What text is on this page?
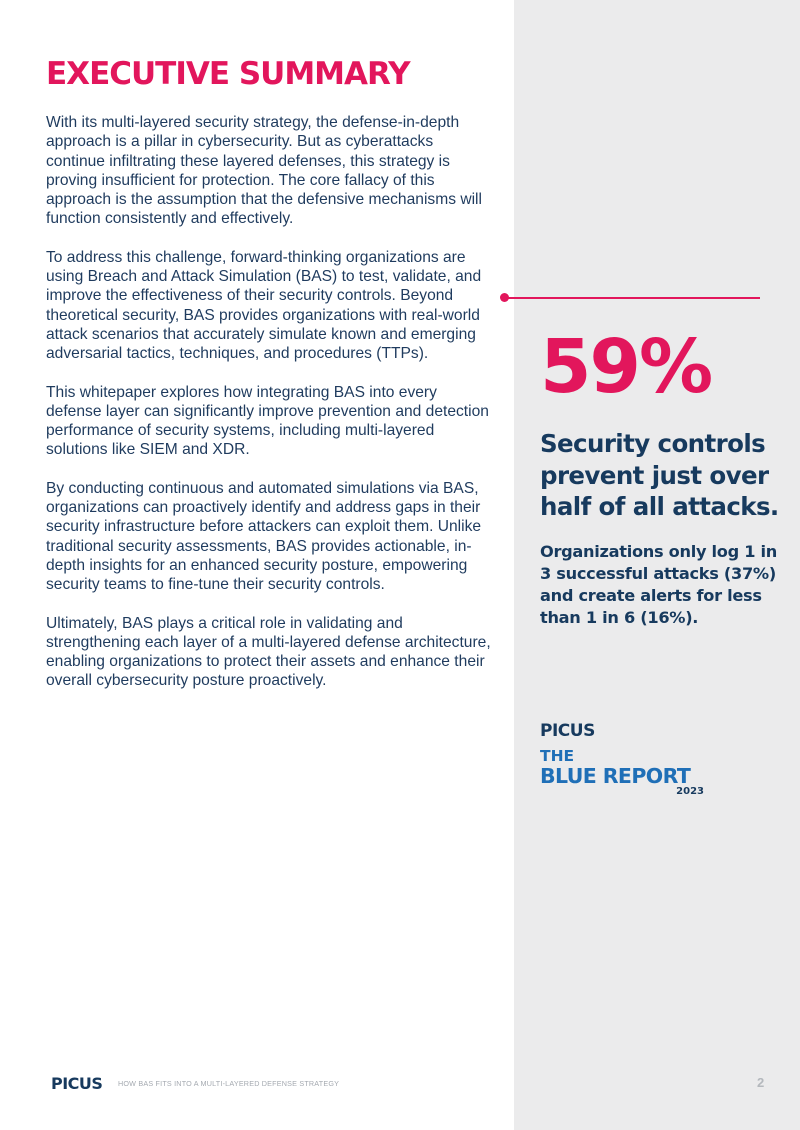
EXECUTIVE SUMMARY

With its multi-layered security strategy, the defense-in-depth approach is a pillar in cybersecurity. But as cyberattacks continue infiltrating these layered defenses, this strategy is proving insufficient for protection. The core fallacy of this approach is the assumption that the defensive mechanisms will function consistently and effectively.

To address this challenge, forward-thinking organizations are using Breach and Attack Simulation (BAS) to test, validate, and improve the effectiveness of their security controls. Beyond theoretical security, BAS provides organizations with real-world attack scenarios that accurately simulate known and emerging adversarial tactics, techniques, and procedures (TTPs).

This whitepaper explores how integrating BAS into every defense layer can significantly improve prevention and detection performance of security systems, including multi-layered solutions like SIEM and XDR.

By conducting continuous and automated simulations via BAS, organizations can proactively identify and address gaps in their security infrastructure before attackers can exploit them. Unlike traditional security assessments, BAS provides actionable, in-depth insights for an enhanced security posture, empowering security teams to fine-tune their security controls.

Ultimately, BAS plays a critical role in validating and strengthening each layer of a multi-layered defense architecture, enabling organizations to protect their assets and enhance their overall cybersecurity posture proactively.

59%
Security controls prevent just over half of all attacks.
Organizations only log 1 in 3 successful attacks (37%) and create alerts for less than 1 in 6 (16%).
PICUS
THE
BLUE REPORT
2023
PICUS HOW BAS FITS INTO A MULTI-LAYERED DEFENSE STRATEGY	2
